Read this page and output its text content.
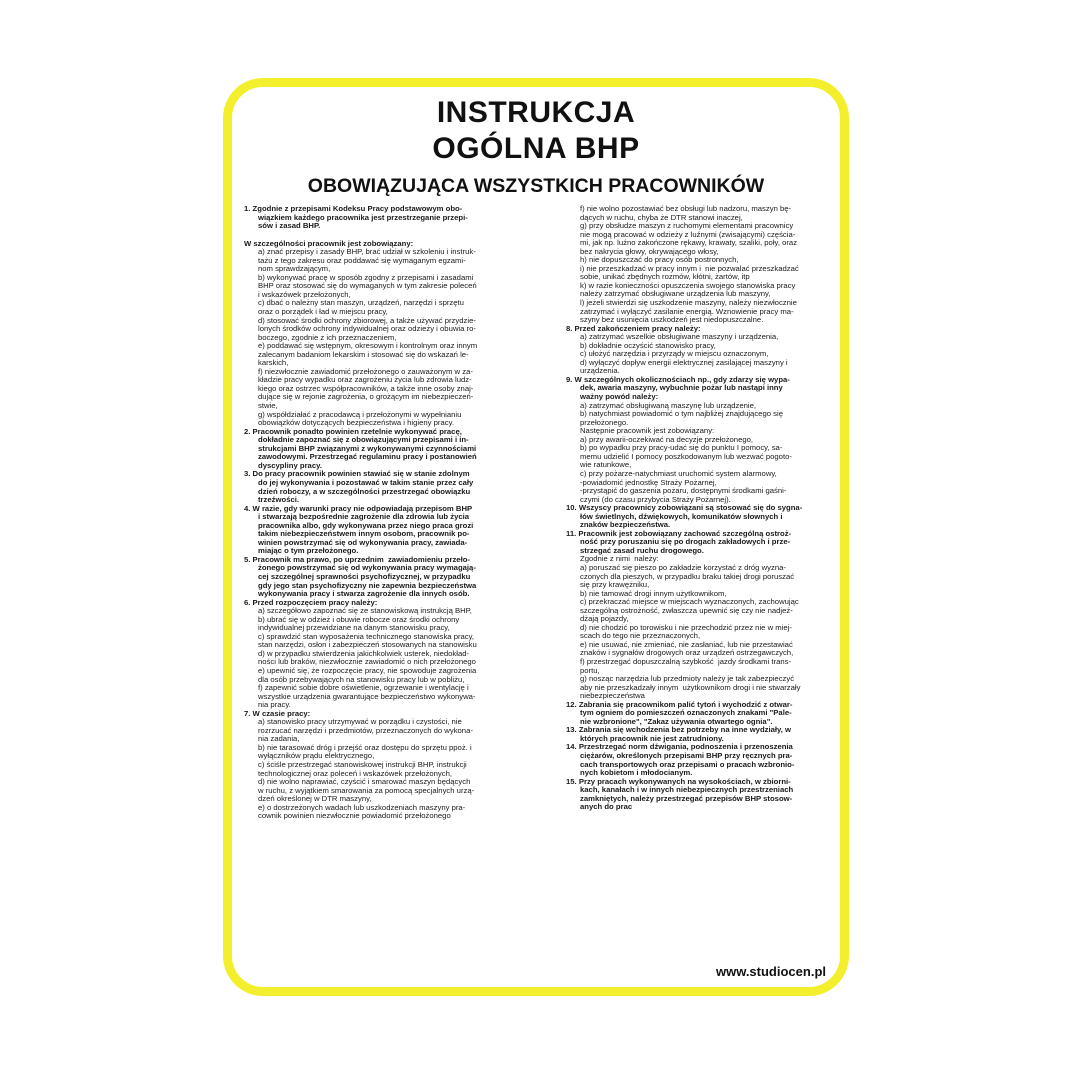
INSTRUKCJA
OGÓLNA BHP
OBOWIĄZUJĄCA WSZYSTKICH PRACOWNIKÓW
1. Zgodnie z przepisami Kodeksu Pracy podstawowym obo-
wiązkiem każdego pracownika jest przestrzeganie przepi-
sów i zasad BHP.
W szczególności pracownik jest zobowiązany:
a) znać przepisy i zasady BHP, brać udział w szkoleniu i instruk-
tażu z tego zakresu oraz poddawać się wymaganym egzami-
nom sprawdzającym,
b) wykonywać pracę w sposób zgodny z przepisami i zasadami
BHP oraz stosować się do wymaganych w tym zakresie poleceń
i wskazówek przełożonych,
c) dbać o należny stan maszyn, urządzeń, narzędzi i sprzętu
oraz o porządek i ład w miejscu pracy,
d) stosować środki ochrony zbiorowej, a także używać przydzie-
lonych środków ochrony indywidualnej oraz odzieży i obuwia ro-
boczego, zgodnie z ich przeznaczeniem,
e) poddawać się wstępnym, okresowym i kontrolnym oraz innym
zalecanym badaniom lekarskim i stosować się do wskazań le-
karskich,
f) niezwłocznie zawiadomić przełożonego o zauważonym w za-
kładzie pracy wypadku oraz zagrożeniu życia lub zdrowia ludz-
kiego oraz ostrzec współpracowników, a także inne osoby znaj-
dujące się w rejonie zagrożenia, o grożącym im niebezpieczeń-
stwie,
g) współdziałać z pracodawcą i przełożonymi w wypełnianiu
obowiązków dotyczących bezpieczeństwa i higieny pracy.
2. Pracownik ponadto powinien rzetelnie wykonywać pracę,
dokładnie zapoznać się z obowiązującymi przepisami i in-
strukcjami BHP związanymi z wykonywanymi czynnościami
zawodowymi. Przestrzegać regulaminu pracy i postanowień
dyscypliny pracy.
3. Do pracy pracownik powinien stawiać się w stanie zdolnym
do jej wykonywania i pozostawać w takim stanie przez cały
dzień roboczy, a w szczególności przestrzegać obowiązku
trzeźwości.
4. W razie, gdy warunki pracy nie odpowiadają przepisom BHP
i stwarzają bezpośrednie zagrożenie dla zdrowia lub życia
pracownika albo, gdy wykonywana przez niego praca grozi
takim niebezpieczeństwem innym osobom, pracownik po-
winien powstrzymać się od wykonywania pracy, zawiada-
miając o tym przełożonego.
5. Pracownik ma prawo, po uprzednim  zawiadomieniu przeło-
żonego powstrzymać się od wykonywania pracy wymagają-
cej szczególnej sprawności psychofizycznej, w przypadku
gdy jego stan psychofizyczny nie zapewnia bezpieczeństwa
wykonywania pracy i stwarza zagrożenie dla innych osób.
6. Przed rozpoczęciem pracy należy:
a) szczegółowo zapoznać się ze stanowiskową instrukcją BHP,
b) ubrać się w odzież i obuwie robocze oraz środki ochrony
indywidualnej przewidziane na danym stanowisku pracy,
c) sprawdzić stan wyposażenia technicznego stanowiska pracy,
stan narzędzi, osłon i zabezpieczeń stosowanych na stanowisku
d) w przypadku stwierdzenia jakichkolwiek usterek, niedokład-
ności lub braków, niezwłocznie zawiadomić o nich przełożonego
e) upewnić się, że rozpoczęcie pracy, nie spowoduje zagrożenia
dla osób przebywających na stanowisku pracy lub w pobliżu,
f) zapewnić sobie dobre oświetlenie, ogrzewanie i wentylację i
wszystkie urządzenia gwarantujące bezpieczeństwo wykonywa-
nia pracy.
7. W czasie pracy:
a) stanowisko pracy utrzymywać w porządku i czystości, nie
rozrzucać narzędzi i przedmiotów, przeznaczonych do wykona-
nia zadania,
b) nie tarasować dróg i przejść oraz dostępu do sprzętu ppoż. i
wyłączników prądu elektrycznego,
c) ściśle przestrzegać stanowiskowej instrukcji BHP, instrukcji
technologicznej oraz poleceń i wskazówek przełożonych,
d) nie wolno naprawiać, czyścić i smarować maszyn będących
w ruchu, z wyjątkiem smarowania za pomocą specjalnych urzą-
dzeń określonej w DTR maszyny,
e) o dostrzeżonych wadach lub uszkodzeniach maszyny pra-
cownik powinien niezwłocznie powiadomić przełożonego
f) nie wolno pozostawiać bez obsługi lub nadzoru, maszyn bę-
dących w ruchu, chyba że DTR stanowi inaczej,
g) przy obsłudze maszyn z ruchomymi elementami pracownicy
nie mogą pracować w odzieży z luźnymi (zwisającymi) częścia-
mi, jak np. luźno zakończone rękawy, krawaty, szaliki, poły, oraz
bez nakrycia głowy, okrywającego włosy,
h) nie dopuszczać do pracy osób postronnych,
i) nie przeszkadzać w pracy innym i  nie pozwalać przeszkadzać
sobie, unikać zbędnych rozmów, kłótni, żartów, itp
k) w razie konieczności opuszczenia swojego stanowiska pracy
należy zatrzymać obsługiwane urządzenia lub maszyny,
l) jeżeli stwierdzi się uszkodzenie maszyny, należy niezwłocznie
zatrzymać i wyłączyć zasilanie energią. Wznowienie pracy ma-
szyny bez usunięcia uszkodzeń jest niedopuszczalne.
8. Przed zakończeniem pracy należy:
a) zatrzymać wszelkie obsługiwane maszyny i urządzenia,
b) dokładnie oczyścić stanowisko pracy,
c) ułożyć narzędzia i przyrządy w miejscu oznaczonym,
d) wyłączyć dopływ energii elektrycznej zasilającej maszyny i
urządzenia.
9. W szczególnych okolicznościach np., gdy zdarzy się wypa-
dek, awaria maszyny, wybuchnie pożar lub nastąpi inny
ważny powód należy:
a) zatrzymać obsługiwaną maszynę lub urządzenie,
b) natychmiast powiadomić o tym najbliżej znajdującego się
przełożonego.
Następnie pracownik jest zobowiązany:
a) przy awarii-oczekiwać na decyzje przełożonego,
b) po wypadku przy pracy-udać się do punktu I pomocy, sa-
memu udzielić I pomocy poszkodowanym lub wezwać pogoto-
wie ratunkowe,
c) przy pożarze-natychmiast uruchomić system alarmowy,
-powiadomić jednostkę Straży Pożarnej,
-przystąpić do gaszenia pożaru, dostępnymi środkami gaśni-
czymi (do czasu przybycia Straży Pożarnej).
10. Wszyscy pracownicy zobowiązani są stosować się do sygna-
łów świetlnych, dźwiękowych, komunikatów słownych i
znaków bezpieczeństwa.
11. Pracownik jest zobowiązany zachować szczególną ostroż-
ność przy poruszaniu się po drogach zakładowych i prze-
strzegać zasad ruchu drogowego.
Zgodnie z nimi  należy:
a) poruszać się pieszo po zakładzie korzystać z dróg wyzna-
czonych dla pieszych, w przypadku braku takiej drogi poruszać
się przy krawężniku,
b) nie tamować drogi innym użytkownikom,
c) przekraczać miejsce w miejscach wyznaczonych, zachowując
szczególną ostrożność, zwłaszcza upewnić się czy nie nadjeż-
dżają pojazdy,
d) nie chodzić po torowisku i nie przechodzić przez nie w miej-
scach do tego nie przeznaczonych,
e) nie usuwać, nie zmieniać, nie zasłaniać, lub nie przestawiać
znaków i sygnałów drogowych oraz urządzeń ostrzegawczych,
f) przestrzegać dopuszczalną szybkość  jazdy środkami trans-
portu,
g) nosząc narzędzia lub przedmioty należy je tak zabezpieczyć
aby nie przeszkadzały innym  użytkownikom drogi i nie stwarzały
niebezpieczeństwa
12. Zabrania się pracownikom palić tytoń i wychodzić z otwar-
tym ogniem do pomieszczeń oznaczonych znakami "Pale-
nie wzbronione", "Zakaz używania otwartego ognia".
13. Zabrania się wchodzenia bez potrzeby na inne wydziały, w
których pracownik nie jest zatrudniony.
14. Przestrzegać norm dźwigania, podnoszenia i przenoszenia
ciężarów, określonych przepisami BHP przy ręcznych pra-
cach transportowych oraz przepisami o pracach wzbronio-
nych kobietom i młodocianym.
15. Przy pracach wykonywanych na wysokościach, w zbiorni-
kach, kanałach i w innych niebezpiecznych przestrzeniach
zamkniętych, należy przestrzegać przepisów BHP stosow-
anych do prac
www.studiocen.pl
